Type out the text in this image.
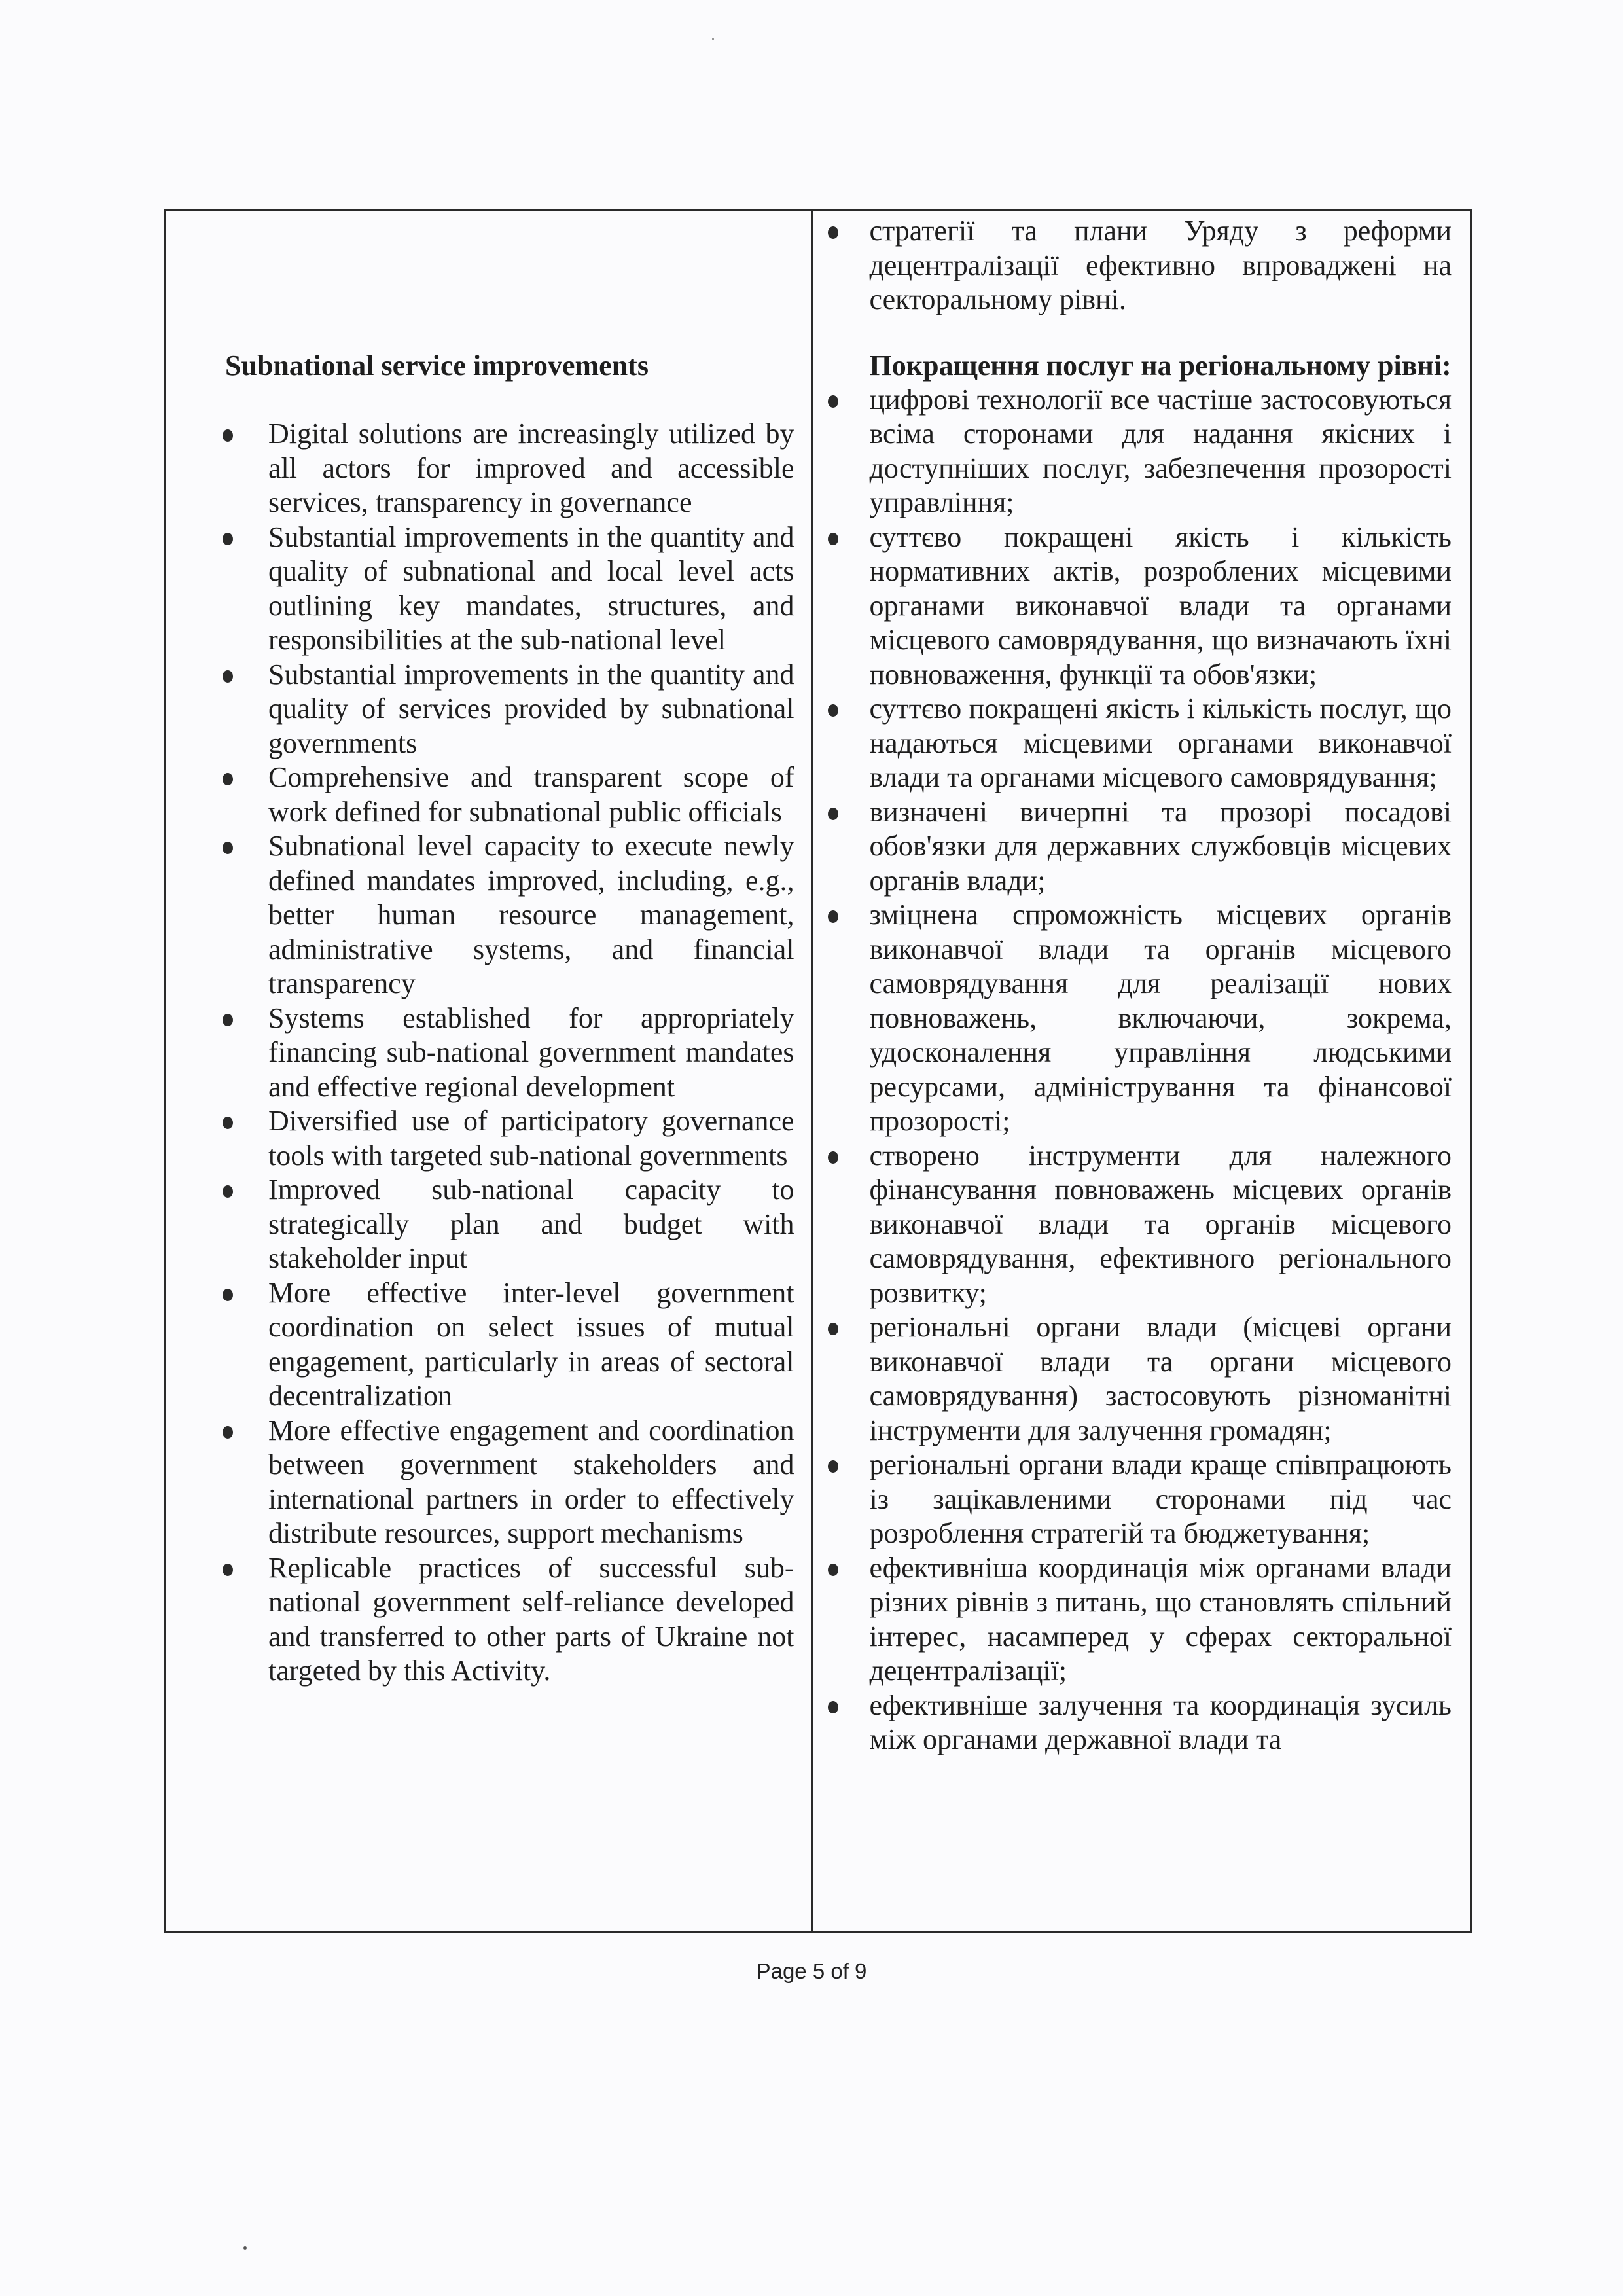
Subnational service improvements
Digital solutions are increasingly utilized by all actors for improved and accessible services, transparency in governance
Substantial improvements in the quantity and quality of subnational and local level acts outlining key mandates, structures, and responsibilities at the sub-national level
Substantial improvements in the quantity and quality of services provided by subnational governments
Comprehensive and transparent scope of work defined for subnational public officials
Subnational level capacity to execute newly defined mandates improved, including, e.g., better human resource management, administrative systems, and financial transparency
Systems established for appropriately financing sub-national government mandates and effective regional development
Diversified use of participatory governance tools with targeted sub-national governments
Improved sub-national capacity to strategically plan and budget with stakeholder input
More effective inter-level government coordination on select issues of mutual engagement, particularly in areas of sectoral decentralization
More effective engagement and coordination between government stakeholders and international partners in order to effectively distribute resources, support mechanisms
Replicable practices of successful sub-national government self-reliance developed and transferred to other parts of Ukraine not targeted by this Activity.
стратегії та плани Уряду з реформи децентралізації ефективно впроваджені на секторальному рівні.
Покращення послуг на регіональному рівні:
цифрові технології все частіше застосовуються всіма сторонами для надання якісних і доступніших послуг, забезпечення прозорості управління;
суттєво покращені якість і кількість нормативних актів, розроблених місцевими органами виконавчої влади та органами місцевого самоврядування, що визначають їхні повноваження, функції та обов'язки;
суттєво покращені якість і кількість послуг, що надаються місцевими органами виконавчої влади та органами місцевого самоврядування;
визначені вичерпні та прозорі посадові обов'язки для державних службовців місцевих органів влади;
зміцнена спроможність місцевих органів виконавчої влади та органів місцевого самоврядування для реалізації нових повноважень, включаючи, зокрема, удосконалення управління людськими ресурсами, адміністрування та фінансової прозорості;
створено інструменти для належного фінансування повноважень місцевих органів виконавчої влади та органів місцевого самоврядування, ефективного регіонального розвитку;
регіональні органи влади (місцеві органи виконавчої влади та органи місцевого самоврядування) застосовують різноманітні інструменти для залучення громадян;
регіональні органи влади краще співпрацюють із зацікавленими сторонами під час розроблення стратегій та бюджетування;
ефективніша координація між органами влади різних рівнів з питань, що становлять спільний інтерес, насамперед у сферах секторальної децентралізації;
ефективніше залучення та координація зусиль між органами державної влади та
Page 5 of 9
